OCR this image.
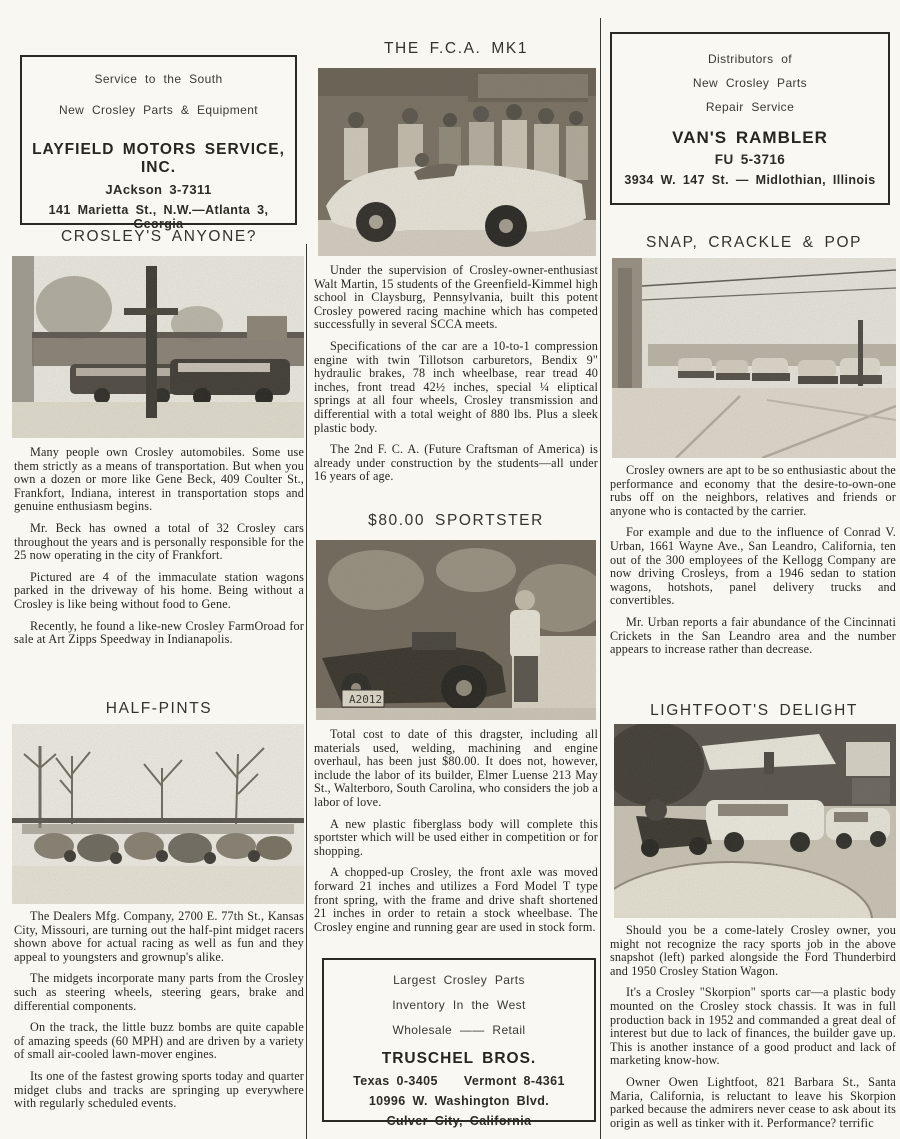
Service to the South
New Crosley Parts & Equipment
LAYFIELD MOTORS SERVICE, INC.
JAckson 3-7311
141 Marietta St., N.W.—Atlanta 3, Georgia
CROSLEY'S ANYONE?

Many people own Crosley automobiles. Some use them strictly as a means of transportation. But when you own a dozen or more like Gene Beck, 409 Coulter St., Frankfort, Indiana, interest in transportation stops and genuine enthusiasm begins.

Mr. Beck has owned a total of 32 Crosley cars throughout the years and is personally responsible for the 25 now operating in the city of Frankfort.

Pictured are 4 of the immaculate station wagons parked in the driveway of his home. Being without a Crosley is like being without food to Gene.

Recently, he found a like-new Crosley FarmOroad for sale at Art Zipps Speedway in Indianapolis.

HALF-PINTS

The Dealers Mfg. Company, 2700 E. 77th St., Kansas City, Missouri, are turning out the half-pint midget racers shown above for actual racing as well as fun and they appeal to youngsters and grownup's alike.

The midgets incorporate many parts from the Crosley such as steering wheels, steering gears, brake and differential components.

On the track, the little buzz bombs are quite capable of amazing speeds (60 MPH) and are driven by a variety of small air-cooled lawn-mover engines.

Its one of the fastest growing sports today and quarter midget clubs and tracks are springing up everywhere with regularly scheduled events.

THE F.C.A. MK1

Under the supervision of Crosley-owner-enthusiast Walt Martin, 15 students of the Greenfield-Kimmel high school in Claysburg, Pennsylvania, built this potent Crosley powered racing machine which has competed successfully in several SCCA meets.

Specifications of the car are a 10-to-1 compression engine with twin Tillotson carburetors, Bendix 9" hydraulic brakes, 78 inch wheelbase, rear tread 40 inches, front tread 42½ inches, special ¼ eliptical springs at all four wheels, Crosley transmission and differential with a total weight of 880 lbs. Plus a sleek plastic body.

The 2nd F. C. A. (Future Craftsman of America) is already under construction by the students—all under 16 years of age.

$80.00 SPORTSTER
A2012

Total cost to date of this dragster, including all materials used, welding, machining and engine overhaul, has been just $80.00. It does not, however, include the labor of its builder, Elmer Luense 213 May St., Walterboro, South Carolina, who considers the job a labor of love.

A new plastic fiberglass body will complete this sportster which will be used either in competition or for shopping.

A chopped-up Crosley, the front axle was moved forward 21 inches and utilizes a Ford Model T type front spring, with the frame and drive shaft shortened 21 inches in order to retain a stock wheelbase. The Crosley engine and running gear are used in stock form.

Largest Crosley Parts
Inventory In the West
Wholesale —— Retail
TRUSCHEL BROS.
Texas 0-3405 Vermont 8-4361
10996 W. Washington Blvd.
Culver City, California
Distributors of
New Crosley Parts
Repair Service
VAN'S RAMBLER
FU 5-3716
3934 W. 147 St. — Midlothian, Illinois
SNAP, CRACKLE & POP

Crosley owners are apt to be so enthusiastic about the performance and economy that the desire-to-own-one rubs off on the neighbors, relatives and friends or anyone who is contacted by the carrier.

For example and due to the influence of Conrad V. Urban, 1661 Wayne Ave., San Leandro, California, ten out of the 300 employees of the Kellogg Company are now driving Crosleys, from a 1946 sedan to station wagons, hotshots, panel delivery trucks and convertibles.

Mr. Urban reports a fair abundance of the Cincinnati Crickets in the San Leandro area and the number appears to increase rather than decrease.

LIGHTFOOT'S DELIGHT

Should you be a come-lately Crosley owner, you might not recognize the racy sports job in the above snapshot (left) parked alongside the Ford Thunderbird and 1950 Crosley Station Wagon.

It's a Crosley "Skorpion" sports car—a plastic body mounted on the Crosley stock chassis. It was in full production back in 1952 and commanded a great deal of interest but due to lack of finances, the builder gave up. This is another instance of a good product and lack of marketing know-how.

Owner Owen Lightfoot, 821 Barbara St., Santa Maria, California, is reluctant to leave his Skorpion parked because the admirers never cease to ask about its origin as well as tinker with it. Performance? terrific
